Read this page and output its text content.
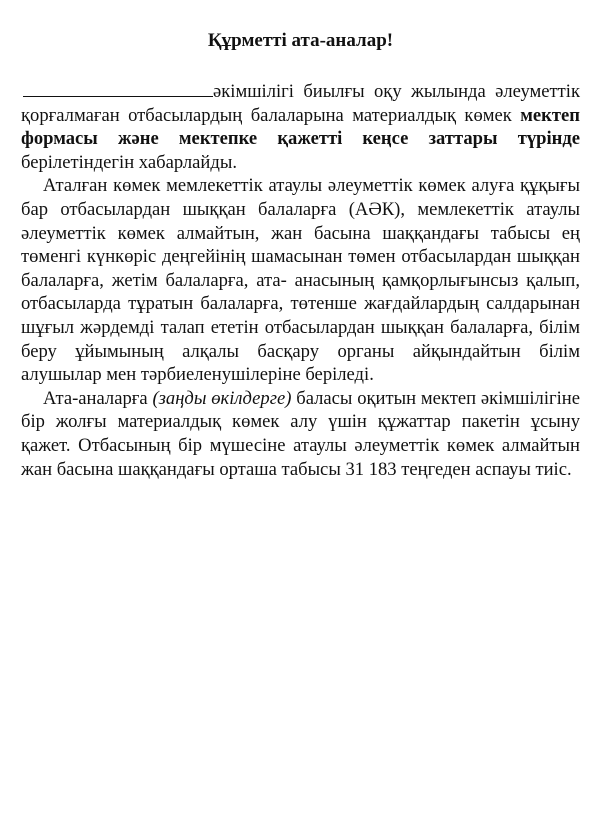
Құрметті ата-аналар!

әкімшілігі биылғы оқу жылында әлеуметтік қорғалмаған отбасылардың балаларына материалдық көмек мектеп формасы және мектепке қажетті кеңсе заттары түрінде берілетіндегін хабарлайды.

Аталған көмек мемлекеттік атаулы әлеуметтік көмек алуға құқығы бар отбасылардан шыққан балаларға (АӘК), мемлекеттік атаулы әлеуметтік көмек алмайтын, жан басына шаққандағы табысы ең төменгі күнкөріс деңгейінің шамасынан төмен отбасылардан шыққан балаларға, жетім балаларға, ата- анасының қамқорлығынсыз қалып, отбасыларда тұратын балаларға, төтенше жағдайлардың салдарынан шұғыл жәрдемді талап ететін отбасылардан шыққан балаларға, білім беру ұйымының алқалы басқару органы айқындайтын білім алушылар мен тәрбиеленушілеріне беріледі.

Ата-аналарға (заңды өкілдерге) баласы оқитын мектеп әкімшілігіне бір жолғы материалдық көмек алу үшін құжаттар пакетін ұсыну қажет. Отбасының бір мүшесіне атаулы әлеуметтік көмек алмайтын жан басына шаққандағы орташа табысы 31 183 теңгеден аспауы тиіс.
